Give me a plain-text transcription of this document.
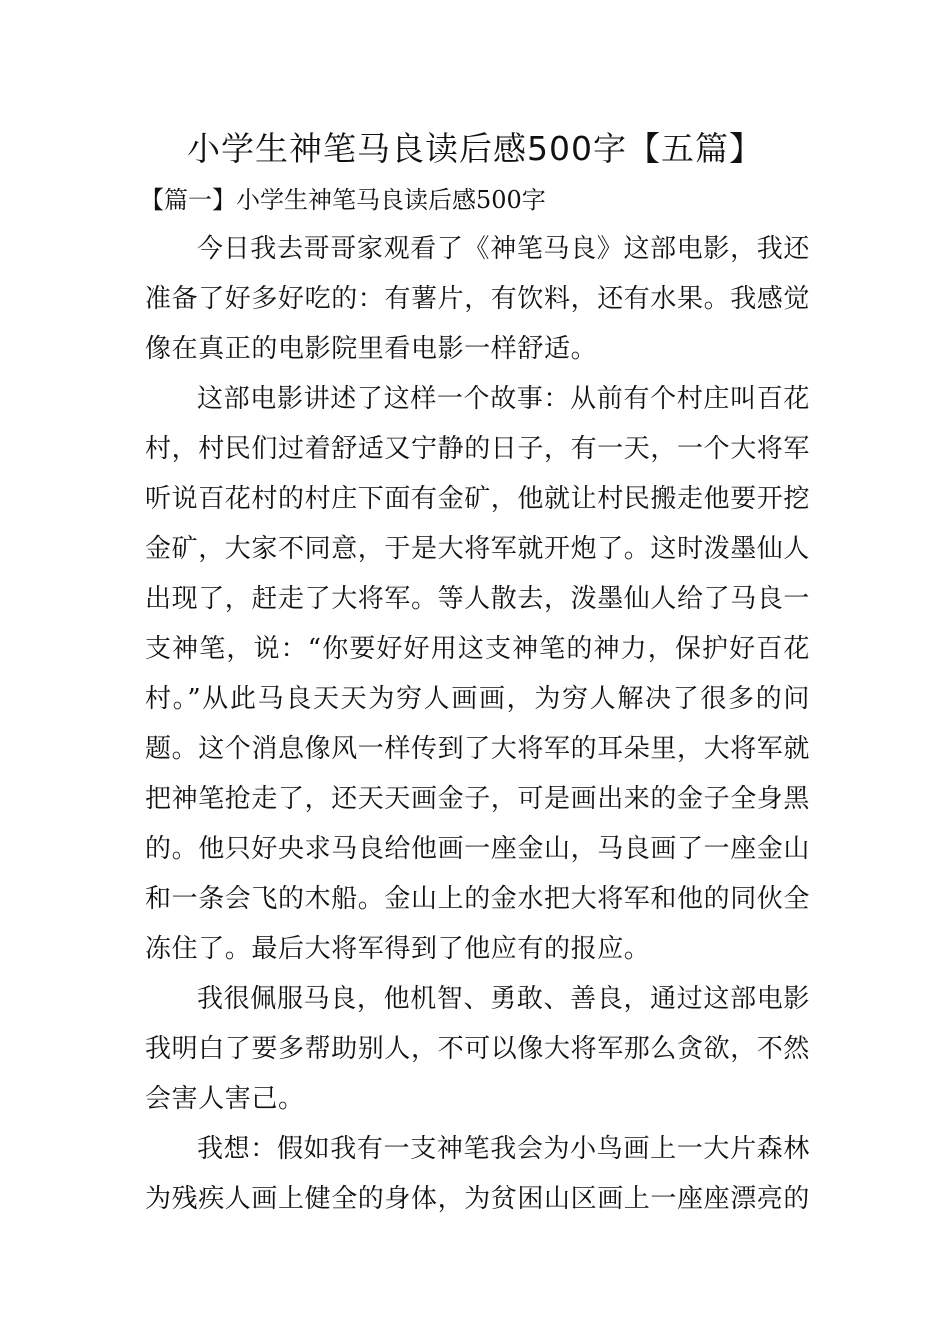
小学生神笔马良读后感500字【五篇】
【篇一】小学生神笔马良读后感500字

今日我去哥哥家观看了《神笔马良》这部电影，我还准备了好多好吃的：有薯片，有饮料，还有水果。我感觉像在真正的电影院里看电影一样舒适。

这部电影讲述了这样一个故事：从前有个村庄叫百花村，村民们过着舒适又宁静的日子，有一天，一个大将军听说百花村的村庄下面有金矿，他就让村民搬走他要开挖金矿，大家不同意，于是大将军就开炮了。这时泼墨仙人出现了，赶走了大将军。等人散去，泼墨仙人给了马良一支神笔，说：“你要好好用这支神笔的神力，保护好百花村。”从此马良天天为穷人画画，为穷人解决了很多的问题。这个消息像风一样传到了大将军的耳朵里，大将军就把神笔抢走了，还天天画金子，可是画出来的金子全身黑的。他只好央求马良给他画一座金山，马良画了一座金山和一条会飞的木船。金山上的金水把大将军和他的同伙全冻住了。最后大将军得到了他应有的报应。

我很佩服马良，他机智、勇敢、善良，通过这部电影我明白了要多帮助别人，不可以像大将军那么贪欲，不然会害人害己。

我想：假如我有一支神笔我会为小鸟画上一大片森林为残疾人画上健全的身体，为贫困山区画上一座座漂亮的
